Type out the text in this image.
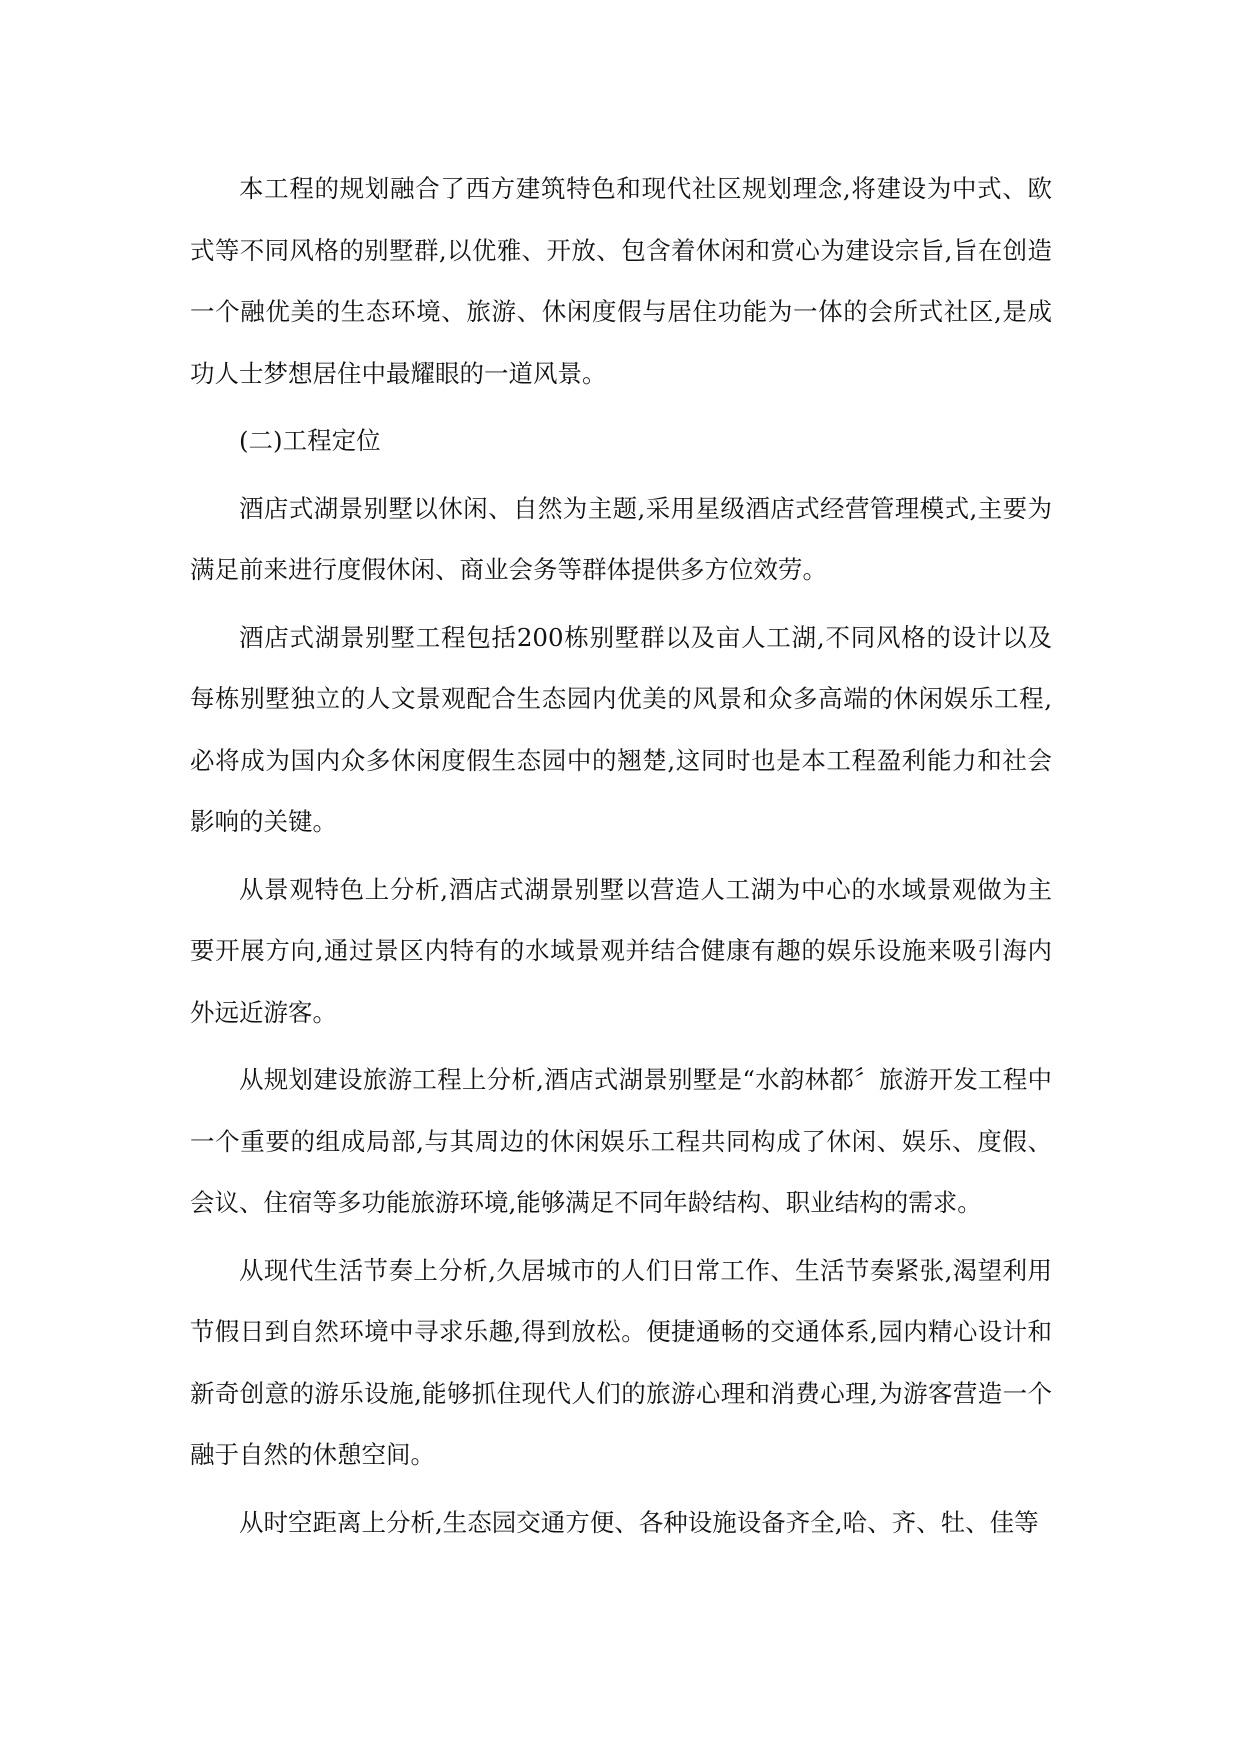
本工程的规划融合了西方建筑特色和现代社区规划理念,将建设为中式、欧式等不同风格的别墅群,以优雅、开放、包含着休闲和赏心为建设宗旨,旨在创造一个融优美的生态环境、旅游、休闲度假与居住功能为一体的会所式社区,是成功人士梦想居住中最耀眼的一道风景。

(二)工程定位

酒店式湖景别墅以休闲、自然为主题,采用星级酒店式经营管理模式,主要为满足前来进行度假休闲、商业会务等群体提供多方位效劳。

酒店式湖景别墅工程包括200栋别墅群以及亩人工湖,不同风格的设计以及每栋别墅独立的人文景观配合生态园内优美的风景和众多高端的休闲娱乐工程,必将成为国内众多休闲度假生态园中的翘楚,这同时也是本工程盈利能力和社会影响的关键。

从景观特色上分析,酒店式湖景别墅以营造人工湖为中心的水域景观做为主要开展方向,通过景区内特有的水域景观并结合健康有趣的娱乐设施来吸引海内外远近游客。

从规划建设旅游工程上分析,酒店式湖景别墅是“水韵林都〞旅游开发工程中一个重要的组成局部,与其周边的休闲娱乐工程共同构成了休闲、娱乐、度假、会议、住宿等多功能旅游环境,能够满足不同年龄结构、职业结构的需求。

从现代生活节奏上分析,久居城市的人们日常工作、生活节奏紧张,渴望利用节假日到自然环境中寻求乐趣,得到放松。便捷通畅的交通体系,园内精心设计和新奇创意的游乐设施,能够抓住现代人们的旅游心理和消费心理,为游客营造一个融于自然的休憩空间。

从时空距离上分析,生态园交通方便、各种设施设备齐全,哈、齐、牡、佳等
